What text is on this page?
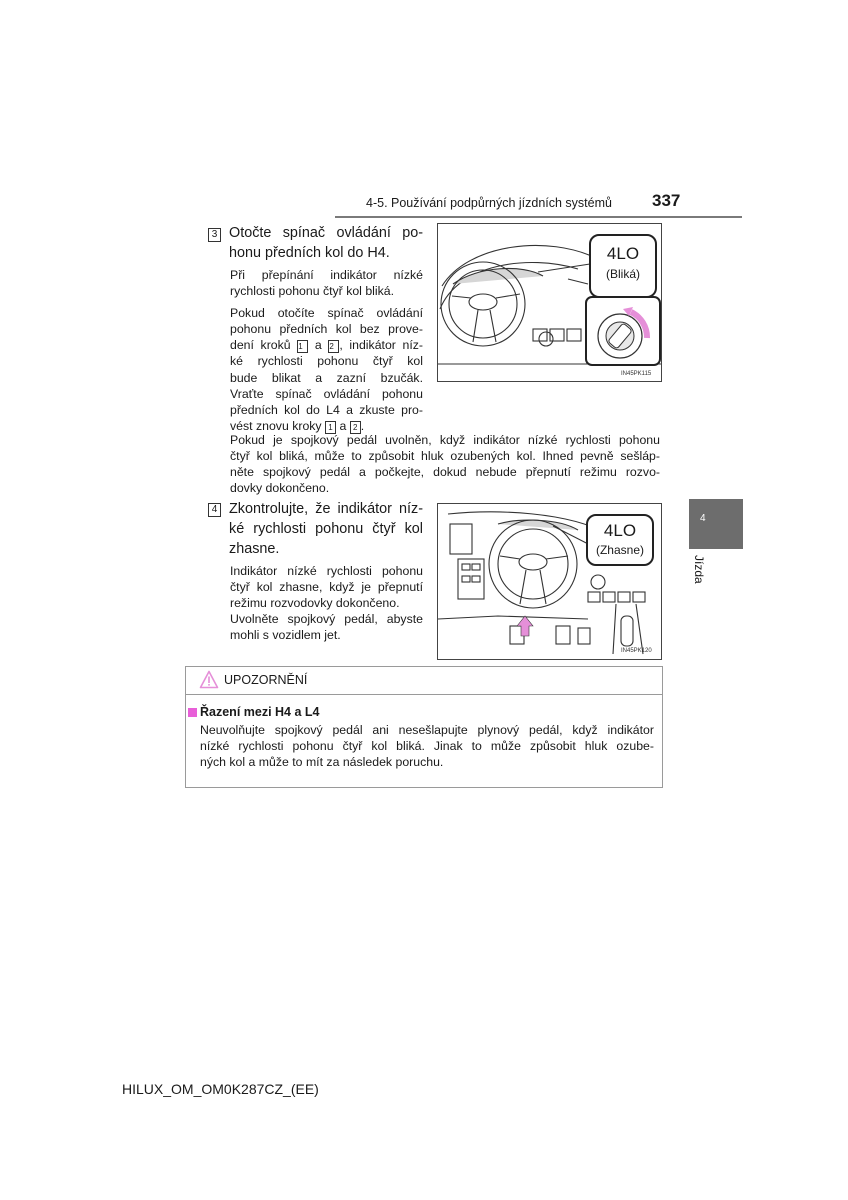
4-5. Používání podpůrných jízdních systémů 337
4
Jízda
3 Otočte spínač ovládání po-

honu předních kol do H4.

Při přepínání indikátor nízké

rychlosti pohonu čtyř kol bliká.

Pokud otočíte spínač ovládání

pohonu předních kol bez prove-

dení kroků 1 a 2 , indikátor níz-

ké rychlosti pohonu čtyř kol

bude blikat a zazní bzučák.

Vraťte spínač ovládání pohonu

předních kol do L4 a zkuste pro-

vést znovu kroky 1 a 2 .

4LO
(Bliká)
IN45PK115

Pokud je spojkový pedál uvolněn, když indikátor nízké rychlosti pohonu

čtyř kol bliká, může to způsobit hluk ozubených kol. Ihned pevně sešláp-

něte spojkový pedál a počkejte, dokud nebude přepnutí režimu rozvo-

dovky dokončeno.

4 Zkontrolujte, že indikátor níz-

ké rychlosti pohonu čtyř kol

zhasne.

Indikátor nízké rychlosti pohonu

čtyř kol zhasne, když je přepnutí

režimu rozvodovky dokončeno.

Uvolněte spojkový pedál, abyste

mohli s vozidlem jet.

4LO
(Zhasne)
IN45PK120
UPOZORNĚNÍ
Řazení mezi H4 a L4

Neuvolňujte spojkový pedál ani nesešlapujte plynový pedál, když indikátor

nízké rychlosti pohonu čtyř kol bliká. Jinak to může způsobit hluk ozube-

ných kol a může to mít za následek poruchu.

HILUX_OM_OM0K287CZ_(EE)
